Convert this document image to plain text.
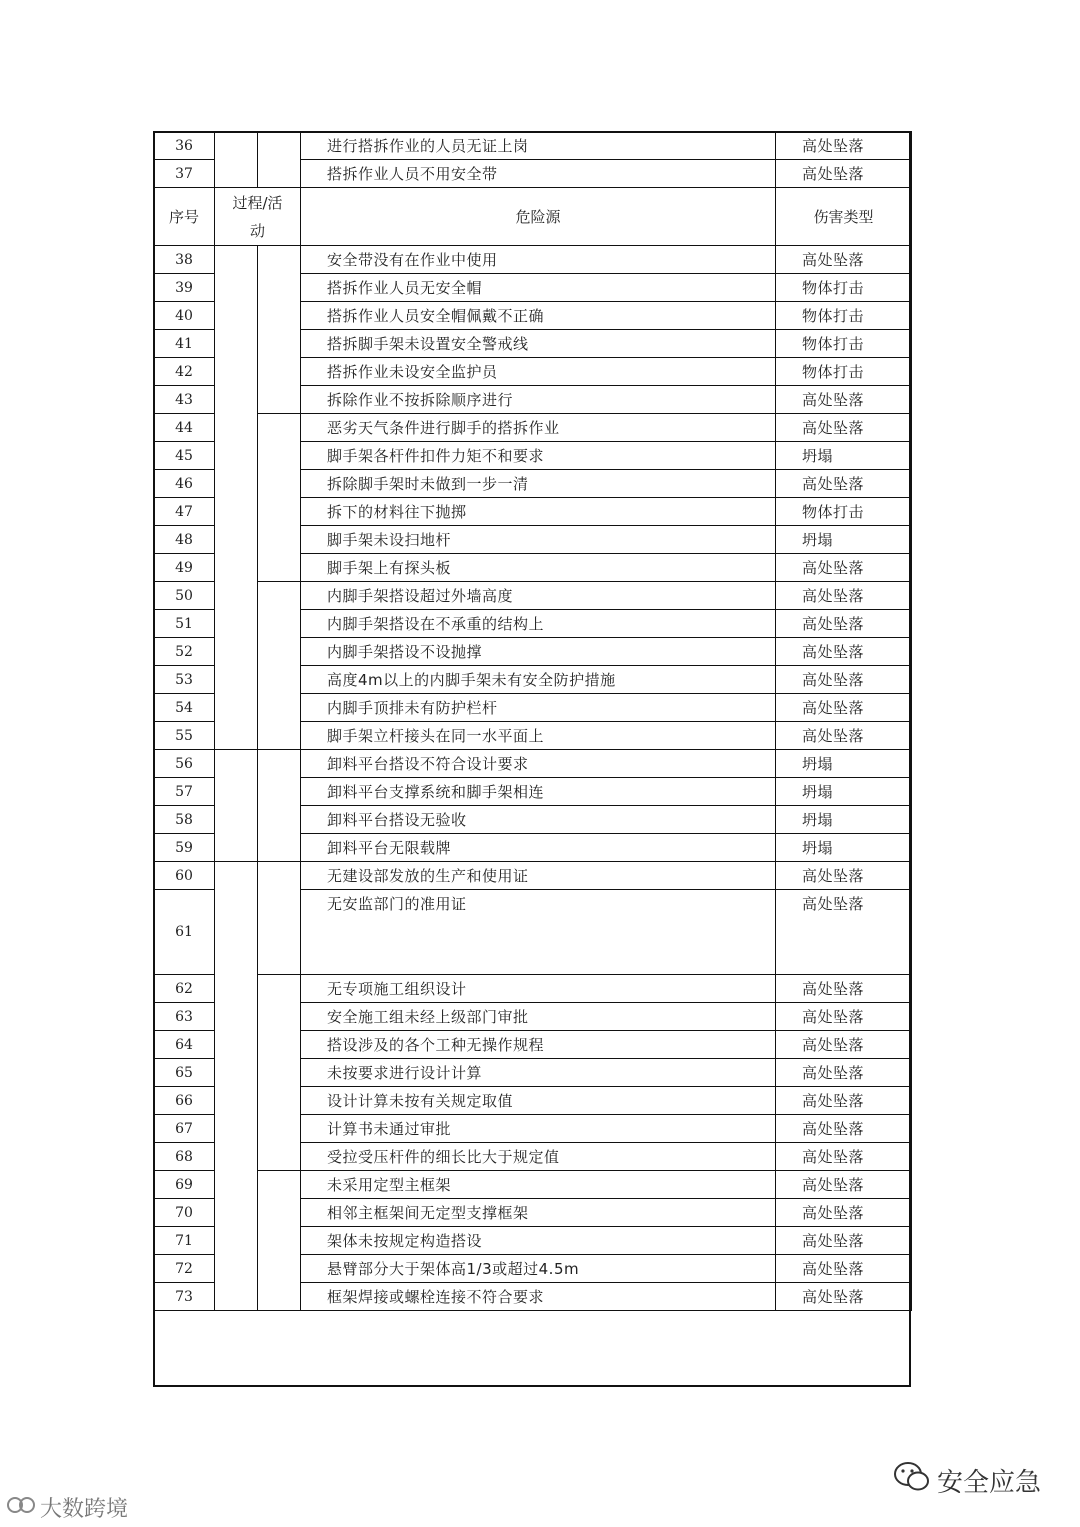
36			进行搭拆作业的人员无证上岗	高处坠落
37			搭拆作业人员不用安全带	高处坠落
序号	过程/活动		危险源	伤害类型
38			安全带没有在作业中使用	高处坠落
39			搭拆作业人员无安全帽	物体打击
40			搭拆作业人员安全帽佩戴不正确	物体打击
41			搭拆脚手架未设置安全警戒线	物体打击
42			搭拆作业未设安全监护员	物体打击
43			拆除作业不按拆除顺序进行	高处坠落
44			恶劣天气条件进行脚手的搭拆作业	高处坠落
45			脚手架各杆件扣件力矩不和要求	坍塌
46			拆除脚手架时未做到一步一清	高处坠落
47			拆下的材料往下抛掷	物体打击
48			脚手架未设扫地杆	坍塌
49			脚手架上有探头板	高处坠落
50			内脚手架搭设超过外墙高度	高处坠落
51			内脚手架搭设在不承重的结构上	高处坠落
52			内脚手架搭设不设抛撑	高处坠落
53			高度4m以上的内脚手架未有安全防护措施	高处坠落
54			内脚手顶排未有防护栏杆	高处坠落
55			脚手架立杆接头在同一水平面上	高处坠落
56			卸料平台搭设不符合设计要求	坍塌
57			卸料平台支撑系统和脚手架相连	坍塌
58			卸料平台搭设无验收	坍塌
59			卸料平台无限载牌	坍塌
60			无建设部发放的生产和使用证	高处坠落
61			无安监部门的准用证	高处坠落
62			无专项施工组织设计	高处坠落
63			安全施工组未经上级部门审批	高处坠落
64			搭设涉及的各个工种无操作规程	高处坠落
65			未按要求进行设计计算	高处坠落
66			设计计算未按有关规定取值	高处坠落
67			计算书未通过审批	高处坠落
68			受拉受压杆件的细长比大于规定值	高处坠落
69			未采用定型主框架	高处坠落
70			相邻主框架间无定型支撑框架	高处坠落
71			架体未按规定构造搭设	高处坠落
72			悬臂部分大于架体高1/3或超过4.5m	高处坠落
73			框架焊接或螺栓连接不符合要求	高处坠落
大数跨境
安全应急
